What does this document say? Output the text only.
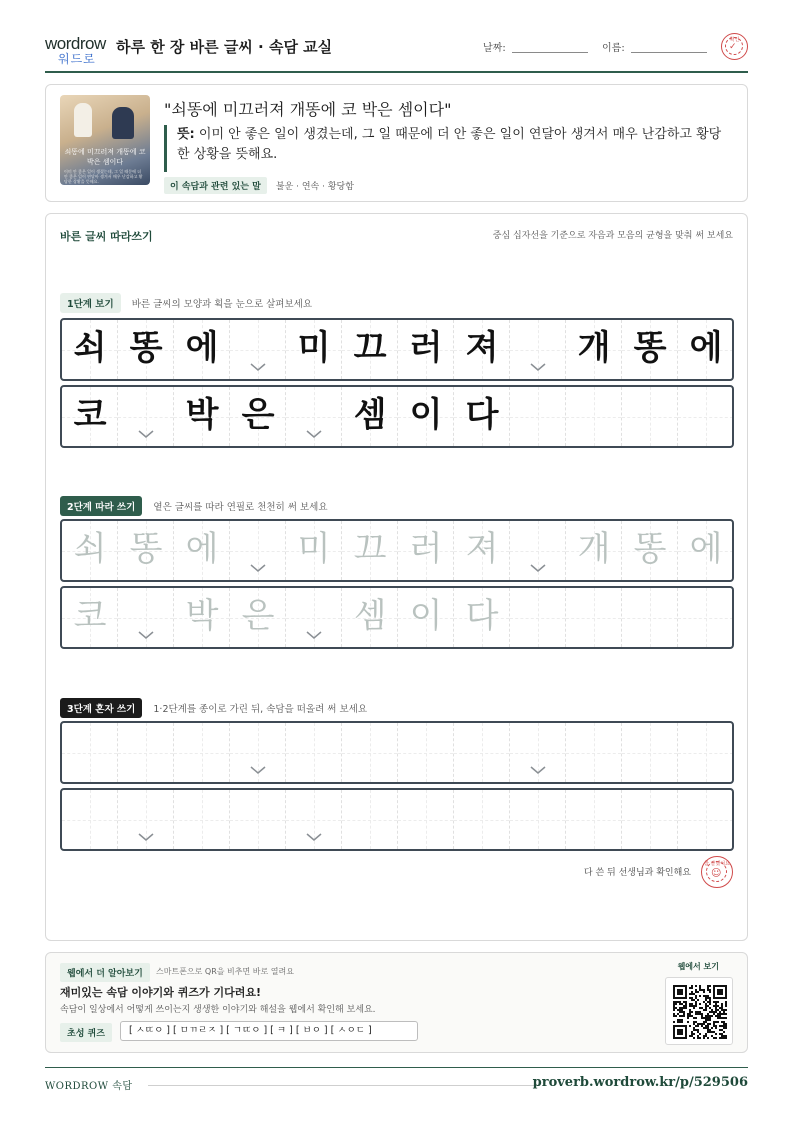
wordrow
워드로
하루 한 장 바른 글씨 · 속담 교실	날짜:	이름:
확인
✓
쇠똥에 미끄러져 개똥에 코 박은 셈이다
이미 안 좋은 일이 생겼는데, 그 일 때문에 더 안 좋은 일이 연달아 생겨서 매우 난감하고 황당한 상황을 뜻해요.
"쇠똥에 미끄러져 개똥에 코 박은 셈이다"
뜻: 이미 안 좋은 일이 생겼는데, 그 일 때문에 더 안 좋은 일이 연달아 생겨서 매우 난감하고 황당한 상황을 뜻해요.
이 속담과 관련 있는 말 불운 · 연속 · 황당함
바른 글씨 따라쓰기	중심 십자선을 기준으로 자음과 모음의 균형을 맞춰 써 보세요
1단계 보기 바른 글씨의 모양과 획을 눈으로 살펴보세요
쇠 똥 에	미 끄 러 져	개 똥 에
코	박 은	셈 이 다
2단계 따라 쓰기 옅은 글씨를 따라 연필로 천천히 써 보세요
쇠 똥 에	미 끄 러 져	개 똥 에
코	박 은	셈 이 다
3단계 혼자 쓰기 1·2단계를 종이로 가린 뒤, 속담을 떠올려 써 보세요
다 쓴 뒤 선생님과 확인해요
참 잘했어요
☺
웹에서 더 알아보기	스마트폰으로 QR을 비추면 바로 열려요
재미있는 속담 이야기와 퀴즈가 기다려요!
속담이 일상에서 어떻게 쓰이는지 생생한 이야기와 해설을 웹에서 확인해 보세요.
초성 퀴즈	[ ㅅㄸㅇ ] [ ㅁㄲㄹㅈ ] [ ㄱㄸㅇ ] [ ㅋ ] [ ㅂㅇ ] [ ㅅㅇㄷ ]
웹에서 보기
WORDROW 속담	proverb.wordrow.kr/p/529506
